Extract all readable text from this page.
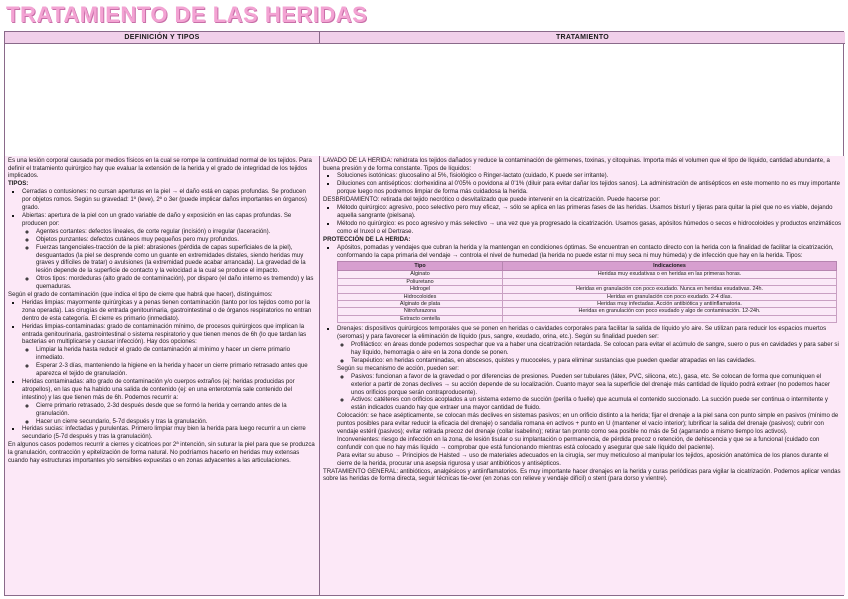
TRATAMIENTO DE LAS HERIDAS
DEFINICIÓN Y TIPOS	TRATAMIENTO

Es una lesión corporal causada por medios físicos en la cual se rompe la continuidad normal de los tejidos. Para definir el tratamiento quirúrgico hay que evaluar la extensión de la herida y el grado de integridad de los tejidos implicados.

TIPOS:

▪ Cerradas o contusiones: no cursan aperturas en la piel → el daño está en capas profundas. Se producen por objetos romos. Según su gravedad: 1º (leve), 2º o 3er (puede implicar daños importantes en órganos) grado.
▪ Abiertas: apertura de la piel con un grado variable de daño y exposición en las capas profundas. Se producen por:
◦ Agentes cortantes: defectos lineales, de corte regular (incisión) o irregular (laceración).
◦ Objetos punzantes: defectos cutáneos muy pequeños pero muy profundos.
◦ Fuerzas tangenciales-tracción de la piel: abrasiones (pérdida de capas superficiales de la piel), desguantados (la piel se desprende como un guante en extremidades distales, siendo heridas muy graves y difíciles de tratar) o avulsiones (la extremidad puede acabar arrancada). La gravedad de la lesión depende de la superficie de contacto y la velocidad a la cual se produce el impacto.
◦ Otros tipos: mordeduras (alto grado de contaminación), por disparo (el daño interno es tremendo) y las quemaduras.

Según el grado de contaminación (que indica el tipo de cierre que habrá que hacer), distinguimos:

▪ Heridas limpias: mayormente quirúrgicas y a penas tienen contaminación (tanto por los tejidos como por la zona operada). Las cirugías de entrada genitourinaria, gastrointestinal o de órganos respiratorios no entran dentro de esta categoría. El cierre es primario (inmediato).
▪ Heridas limpias-contaminadas: grado de contaminación mínimo, de procesos quirúrgicos que implican la entrada genitourinaria, gastrointestinal o sistema respiratorio y que tienen menos de 6h (lo que tardan las bacterias en multiplicarse y causar infección). Hay dos opciones:
◦ Limpiar la herida hasta reducir el grado de contaminación al mínimo y hacer un cierre primario inmediato.
◦ Esperar 2-3 días, manteniendo la higiene en la herida y hacer un cierre primario retrasado antes que aparezca el tejido de granulación.
▪ Heridas contaminadas: alto grado de contaminación y/o cuerpos extraños (ej: heridas producidas por atropellos), en las que ha habido una salida de contenido (ej: en una enterotomía sale contenido del intestino) y las que tienen más de 6h. Podemos recurrir a:
◦ Cierre primario retrasado, 2-3d después desde que se formó la herida y cerrando antes de la granulación.
◦ Hacer un cierre secundario, 5-7d después y tras la granulación.
▪ Heridas sucias: infectadas y purulentas. Primero limpiar muy bien la herida para luego recurrir a un cierre secundario (5-7d después y tras la granulación).

En algunos casos podemos recurrir a cierres y cicatrices por 2ª intención, sin suturar la piel para que se produzca la granulación, contracción y epitelización de forma natural. No podríamos hacerlo en heridas muy extensas cuando hay estructuras importantes y/o sensibles expuestas o en zonas adyacentes a las articulaciones.

LAVADO DE LA HERIDA: rehidrata los tejidos dañados y reduce la contaminación de gérmenes, toxinas, y citoquinas. Importa más el volumen que el tipo de líquido, cantidad abundante, a buena presión y de forma constante. Tipos de líquidos:

▪ Soluciones isotónicas: glucosalino al 5%, fisiológico o Ringer-lactato (cuidado, K puede ser irritante).
▪ Diluciones con antisépticos: clorhexidina al 0'05% o povidona al 0'1% (diluir para evitar dañar los tejidos sanos). La administración de antisépticos en este momento no es muy importante porque luego nos podremos limpiar de forma más cuidadosa la herida.

DESBRIDAMIENTO: retirada del tejido necrótico o desvitalizado que puede intervenir en la cicatrización. Puede hacerse por:

▪ Método quirúrgico: agresivo, poco selectivo pero muy eficaz, → sólo se aplica en las primeras fases de las heridas. Usamos bisturí y tijeras para quitar la piel que no es viable, dejando aquella sangrante (pielsana).
▪ Método no quirúrgico: es poco agresivo y más selectivo → una vez que ya progresado la cicatrización. Usamos gasas, apósitos húmedos o secos e hidrocoloides y productos enzimáticos como el Iruxol o el Dertrase.

PROTECCIÓN DE LA HERIDA:

▪ Apósitos, pomadas y vendajes que cubran la herida y la mantengan en condiciones óptimas. Se encuentran en contacto directo con la herida con la finalidad de facilitar la cicatrización, conformando la capa primaria del vendaje → controla el nivel de humedad (la herida no puede estar ni muy seca ni muy húmeda) y de infección que hay en la herida. Tipos:
Tipo	Indicaciones
Alginato	Heridas muy exudativas o en heridas en las primeras horas.
Poliuretano	
Hidrogel	Heridas en granulación con poco exudado. Nunca en heridas exudativas. 24h.
Hidrocoloides	Heridas en granulación con poco exudado. 2-4 días.
Alginato de plata	Heridas muy infectadas. Acción antibiótica y antiinflamatoria.
Nitrofurazona	Heridas en granulación con poco exudado y algo de contaminación. 12-24h.
Extracto centella	
▪ Drenajes: dispositivos quirúrgicos temporales que se ponen en heridas o cavidades corporales para facilitar la salida de líquido y/o aire. Se utilizan para reducir los espacios muertos (seromas) y para favorecer la eliminación de líquido (pus, sangre, exudado, orina, etc.). Según su finalidad pueden ser:
◦ Profiláctico: en áreas donde podemos sospechar que va a haber una cicatrización retardada. Se colocan para evitar el acúmulo de sangre, suero o pus en cavidades y para saber si hay líquido, hemorragia o aire en la zona donde se ponen.
◦ Terapéutico: en heridas contaminadas, en abscesos, quistes y mucoceles, y para eliminar sustancias que pueden quedar atrapadas en las cavidades.

Según su mecanismo de acción, pueden ser:

◦ Pasivos: funcionan a favor de la gravedad o por diferencias de presiones. Pueden ser tubulares (látex, PVC, silicona, etc.), gasa, etc. Se colocan de forma que comuniquen el exterior a partir de zonas declives → su acción depende de su localización. Cuanto mayor sea la superficie del drenaje más cantidad de líquido podrá extraer (no podemos hacer unos orificios porque serán contraproducente).
◦ Activos: catéteres con orificios acoplados a un sistema externo de succión (perilla o fuelle) que acumula el contenido succionado. La succión puede ser continua o intermitente y están indicados cuando hay que extraer una mayor cantidad de fluido.

Colocación: se hace asépticamente, se colocan más declives en sistemas pasivos; en un orificio distinto a la herida; fijar el drenaje a la piel sana con punto simple en pasivos (mínimo de puntos posibles para evitar reducir la eficacia del drenaje) o sandalia romana en activos + punto en U (mantener el vacío interior); lubrificar la salida del drenaje (pasivos); cubrir con vendaje estéril (pasivos); evitar retirada precoz del drenaje (collar isabelino); retirar tan pronto como sea posible no más de 5d (agarrando a mismo tiempo los activos).

Inconvenientes: riesgo de infección en la zona, de lesión tisular o su implantación o permanencia, de pérdida precoz o retención, de dehiscencia y que se a funcional (cuidado con confundir con que no hay más líquido → comprobar que está funcionando mientras está colocado y asegurar que sale líquido del paciente).

Para evitar su abuso → Principios de Halsted → uso de materiales adecuados en la cirugía, ser muy meticuloso al manipular los tejidos, aposición anatómica de los planos durante el cierre de la herida, procurar una asepsia rigurosa y usar antibióticos y antisépticos.

TRATAMIENTO GENERAL: antibióticos, analgésicos y antiinflamatorios. Es muy importante hacer drenajes en la herida y curas periódicas para vigilar la cicatrización. Podemos aplicar vendas sobre las heridas de forma directa, seguir técnicas tie-over (en zonas con relieve y vendaje difícil) o stent (para dorso y vientre).
